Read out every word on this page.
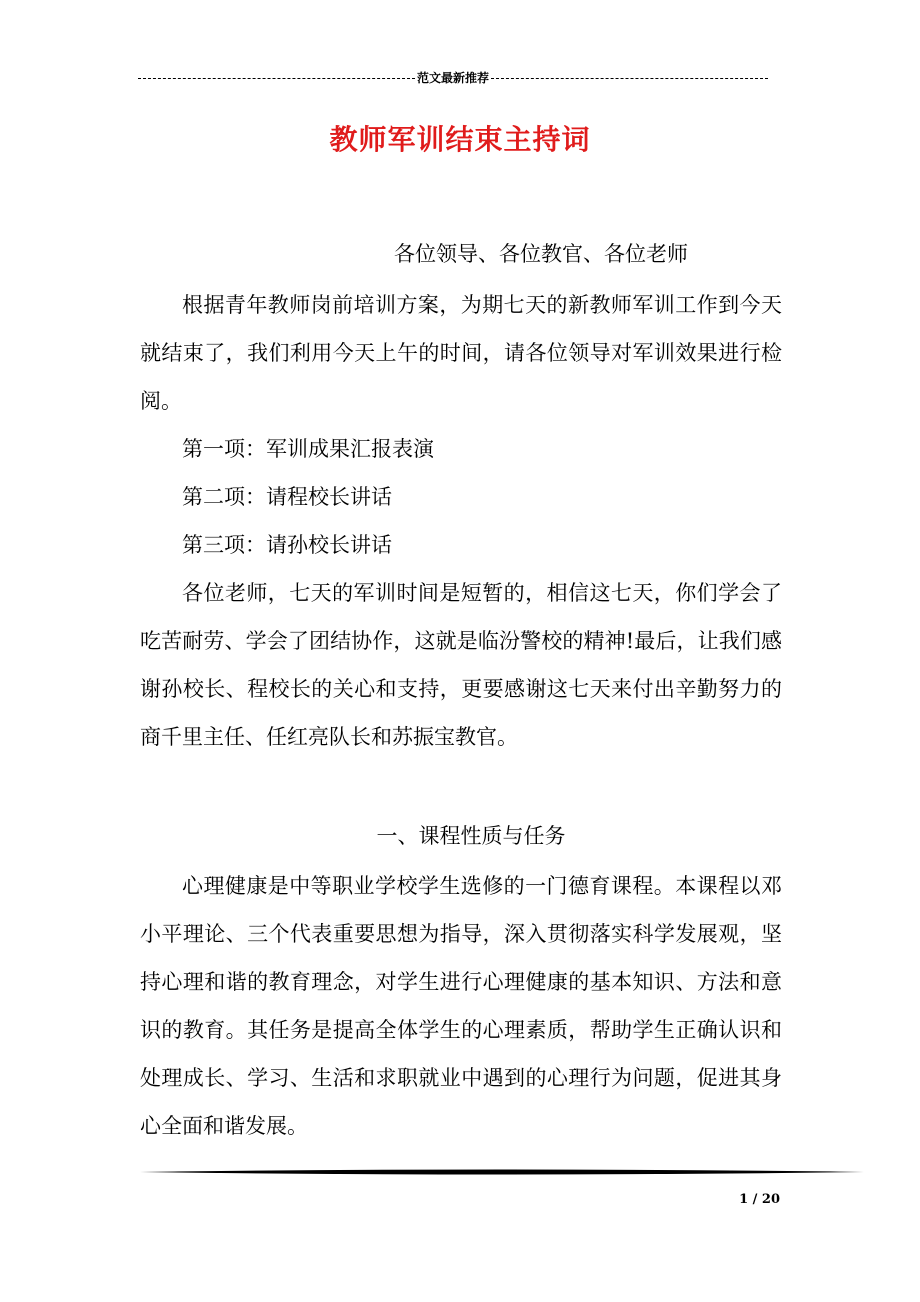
范文最新推荐
教师军训结束主持词

各位领导、各位教官、各位老师

根据青年教师岗前培训方案，为期七天的新教师军训工作到今天就结束了，我们利用今天上午的时间，请各位领导对军训效果进行检阅。

第一项：军训成果汇报表演

第二项：请程校长讲话

第三项：请孙校长讲话

各位老师，七天的军训时间是短暂的，相信这七天，你们学会了吃苦耐劳、学会了团结协作，这就是临汾警校的精神!最后，让我们感谢孙校长、程校长的关心和支持，更要感谢这七天来付出辛勤努力的商千里主任、任红亮队长和苏振宝教官。

一、课程性质与任务

心理健康是中等职业学校学生选修的一门德育课程。本课程以邓小平理论、三个代表重要思想为指导，深入贯彻落实科学发展观，坚持心理和谐的教育理念，对学生进行心理健康的基本知识、方法和意识的教育。其任务是提高全体学生的心理素质，帮助学生正确认识和处理成长、学习、生活和求职就业中遇到的心理行为问题，促进其身心全面和谐发展。

1 / 20
